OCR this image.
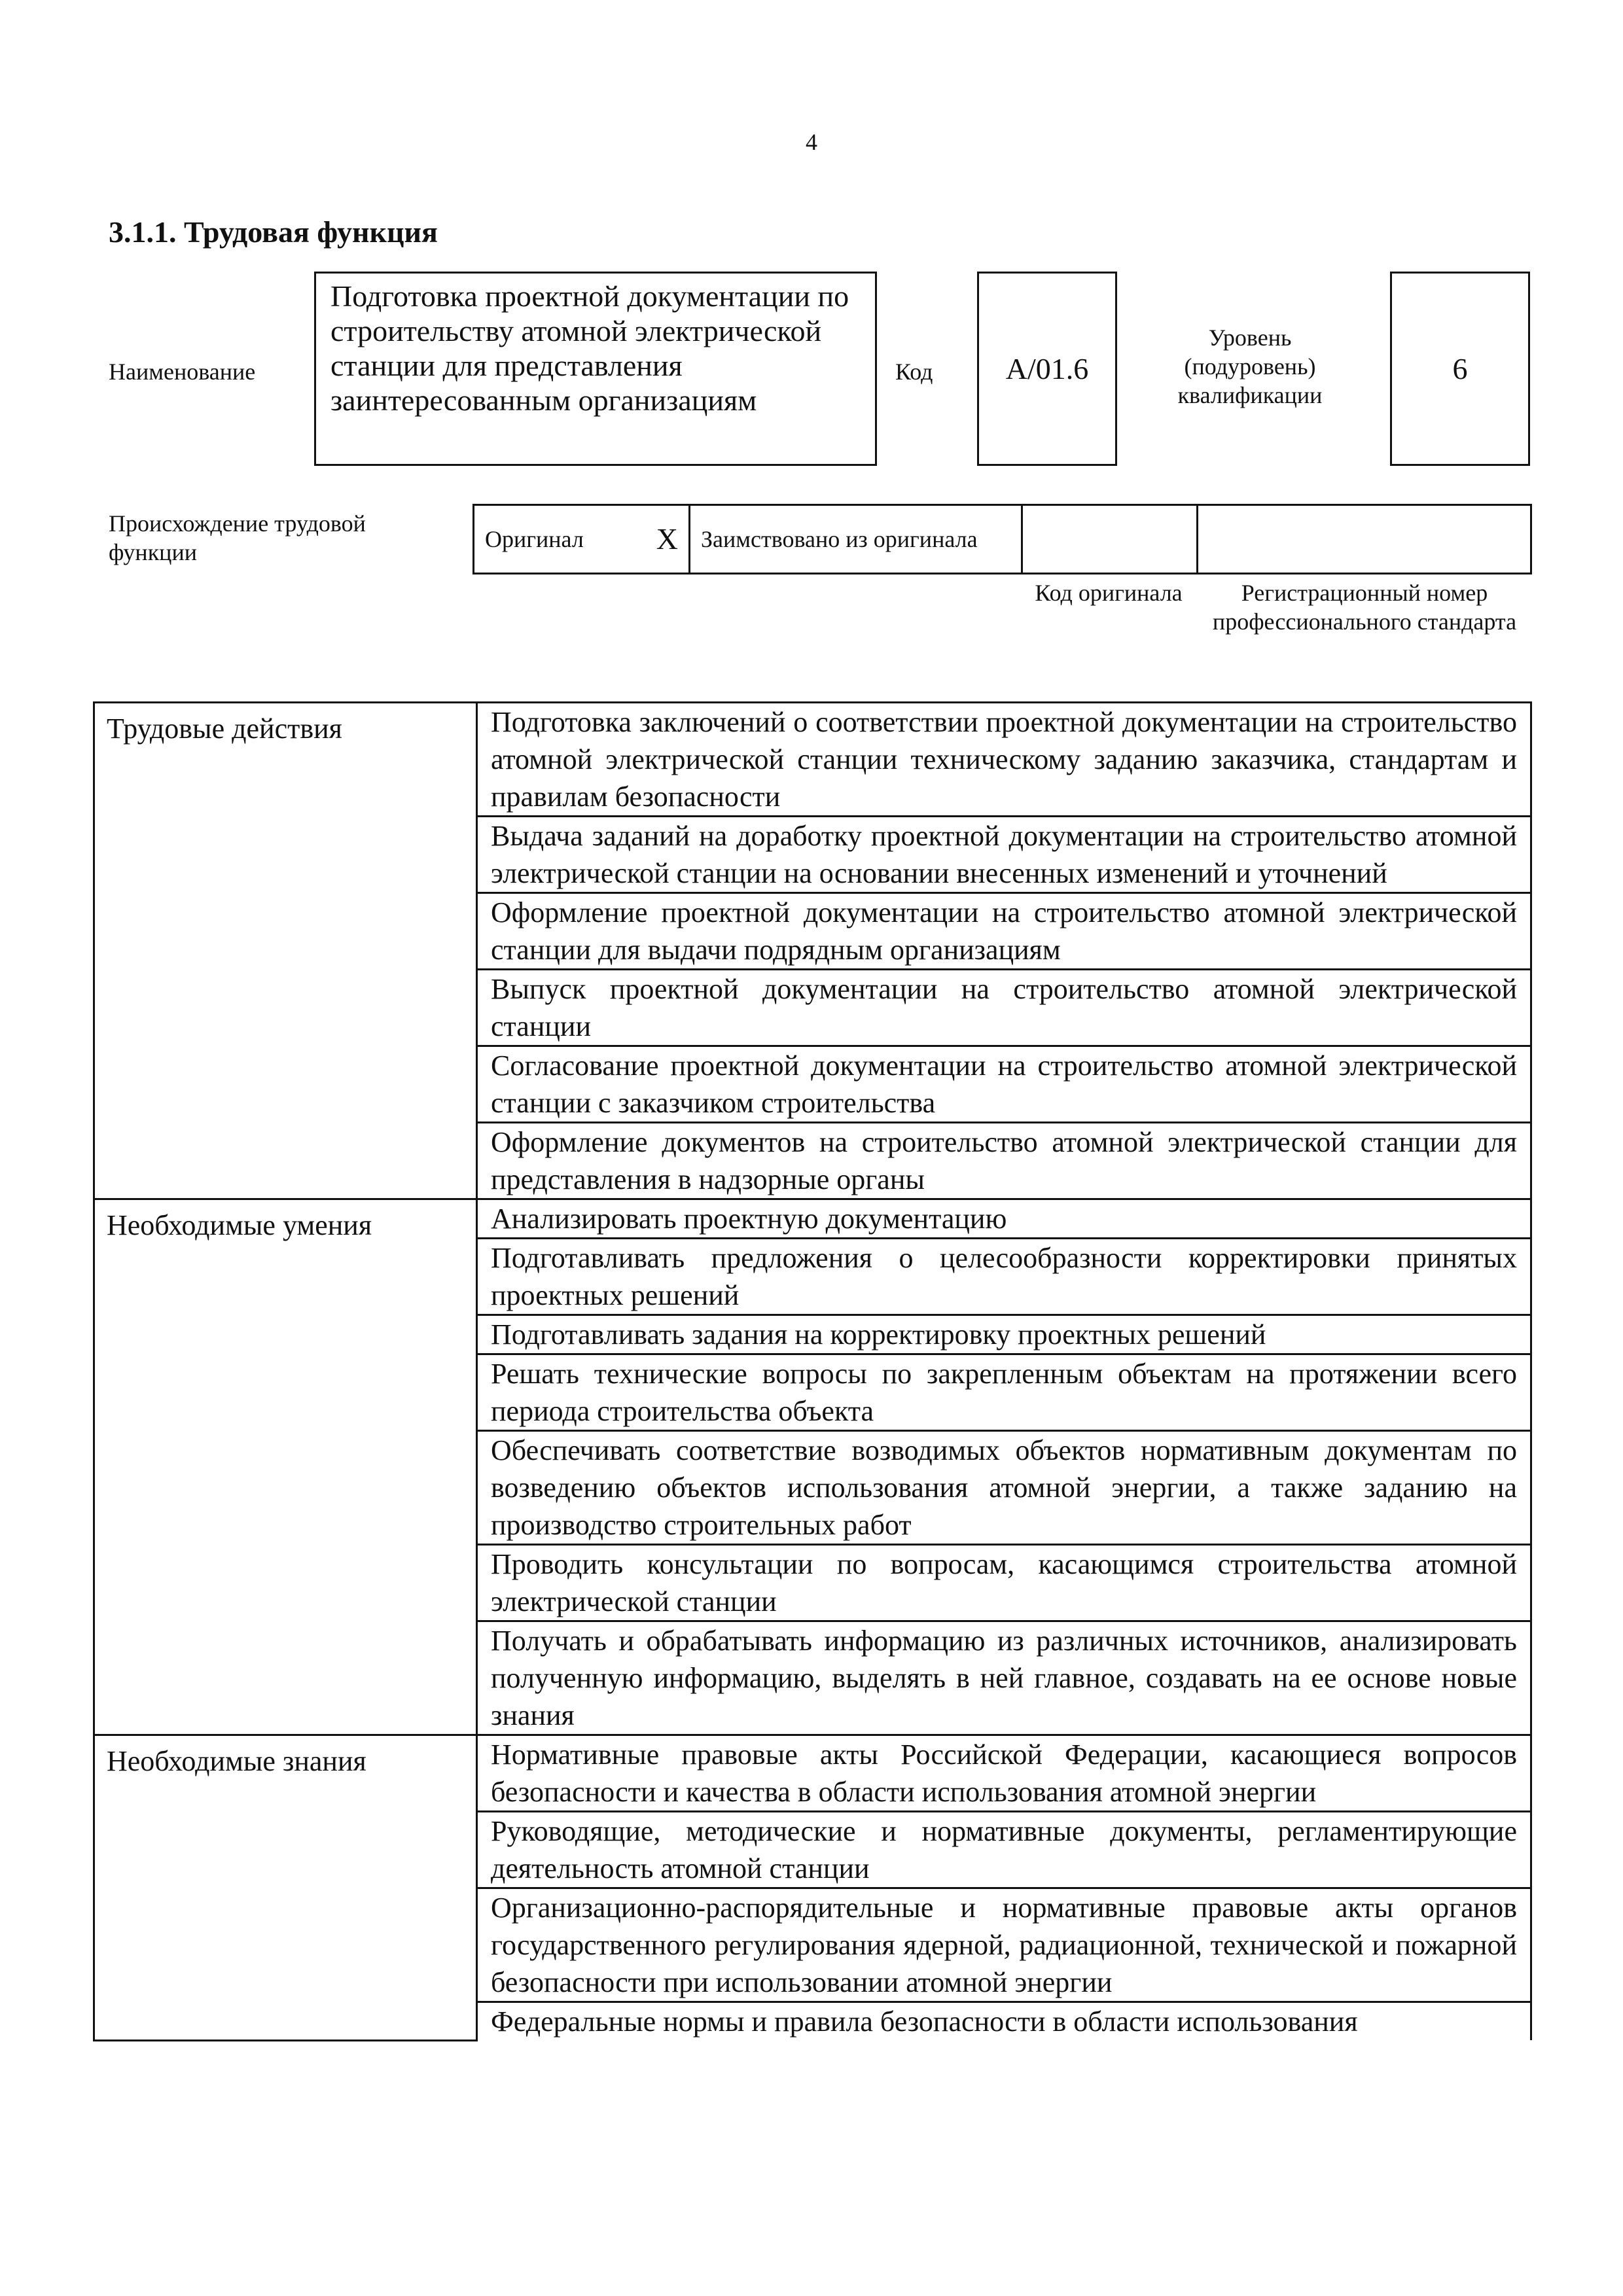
4
3.1.1. Трудовая функция
Наименование
Подготовка проектной документации по строительству атомной электрической станции для представления заинтересованным организациям
Код A/01.6
Уровень (подуровень) квалификации
6
Происхождение трудовой функции	Оригинал X	Заимствовано из оригинала		
Код оригинала	Регистрационный номер профессионального стандарта
Трудовые действия	Подготовка заключений о соответствии проектной документации на строительство атомной электрической станции техническому заданию заказчика, стандартам и правилам безопасности
	Выдача заданий на доработку проектной документации на строительство атомной электрической станции на основании внесенных изменений и уточнений
	Оформление проектной документации на строительство атомной электрической станции для выдачи подрядным организациям
	Выпуск проектной документации на строительство атомной электрической станции
	Согласование проектной документации на строительство атомной электрической станции с заказчиком строительства
	Оформление документов на строительство атомной электрической станции для представления в надзорные органы
Необходимые умения	Анализировать проектную документацию
	Подготавливать предложения о целесообразности корректировки принятых проектных решений
	Подготавливать задания на корректировку проектных решений
	Решать технические вопросы по закрепленным объектам на протяжении всего периода строительства объекта
	Обеспечивать соответствие возводимых объектов нормативным документам по возведению объектов использования атомной энергии, а также заданию на производство строительных работ
	Проводить консультации по вопросам, касающимся строительства атомной электрической станции
	Получать и обрабатывать информацию из различных источников, анализировать полученную информацию, выделять в ней главное, создавать на ее основе новые знания
Необходимые знания	Нормативные правовые акты Российской Федерации, касающиеся вопросов безопасности и качества в области использования атомной энергии
	Руководящие, методические и нормативные документы, регламентирующие деятельность атомной станции
	Организационно-распорядительные и нормативные правовые акты органов государственного регулирования ядерной, радиационной, технической и пожарной безопасности при использовании атомной энергии
	Федеральные нормы и правила безопасности в области использования
